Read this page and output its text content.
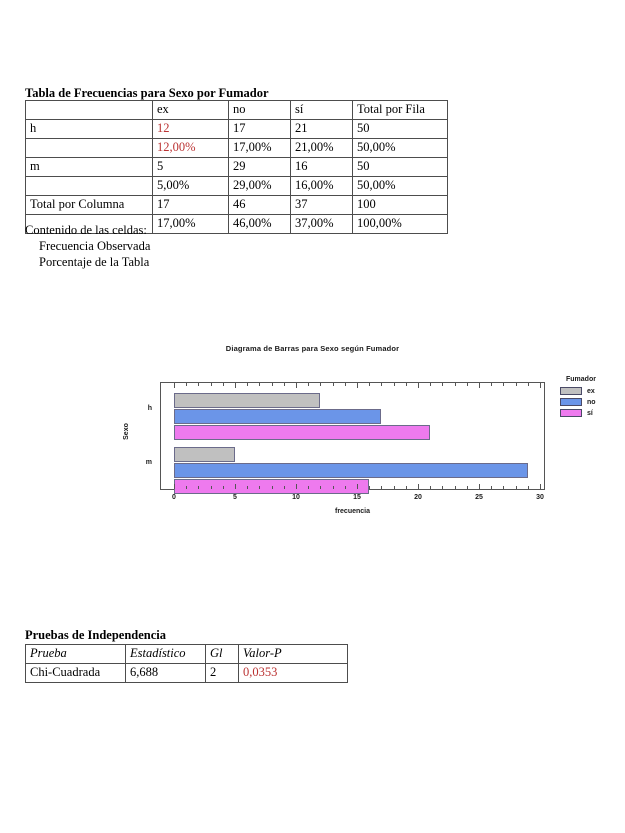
Tabla de Frecuencias para Sexo por Fumador
	ex	no	sí	Total por Fila
h	12	17	21	50
	12,00%	17,00%	21,00%	50,00%
m	5	29	16	50
	5,00%	29,00%	16,00%	50,00%
Total por Columna	17	46	37	100
	17,00%	46,00%	37,00%	100,00%
Contenido de las celdas:
Frecuencia Observada
Porcentaje de la Tabla
Diagrama de Barras para Sexo según Fumador
h
m
Sexo
0	5	10	15	20	25	30
frecuencia
Fumador
ex
no
sí
Pruebas de Independencia
Prueba	Estadístico	Gl	Valor-P
Chi-Cuadrada	6,688	2	0,0353
